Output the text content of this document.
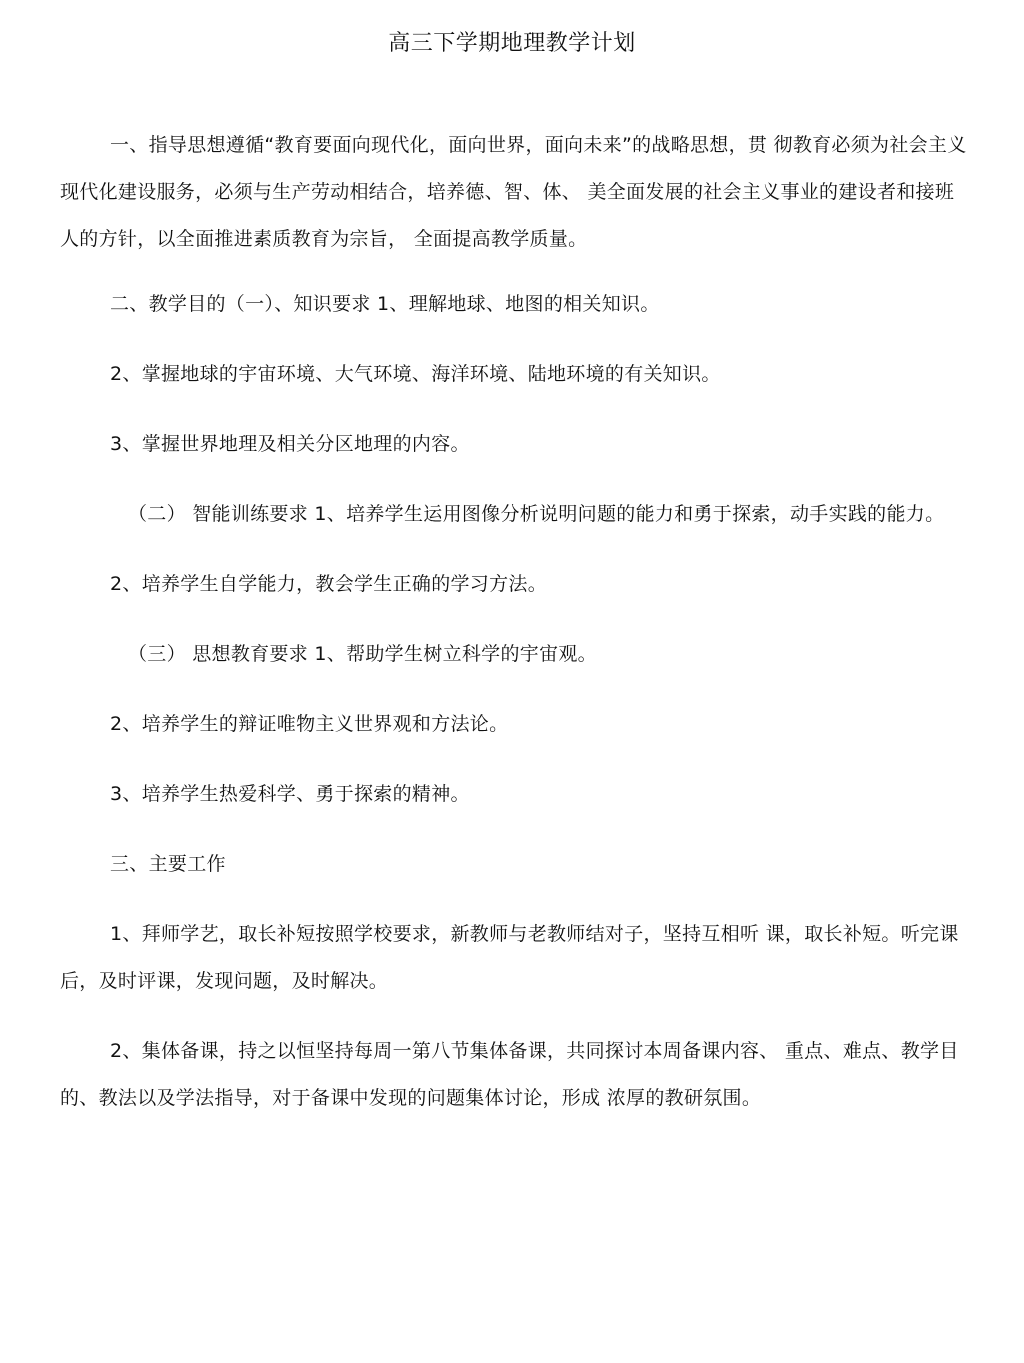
高三下学期地理教学计划

一、指导思想遵循“教育要面向现代化，面向世界，面向未来”的战略思想，贯 彻教育必须为社会主义现代化建设服务，必须与生产劳动相结合，培养德、智、体、 美全面发展的社会主义事业的建设者和接班人的方针，以全面推进素质教育为宗旨， 全面提高教学质量。

二、教学目的（一）、知识要求 1、理解地球、地图的相关知识。

2、掌握地球的宇宙环境、大气环境、海洋环境、陆地环境的有关知识。

3、掌握世界地理及相关分区地理的内容。

（二） 智能训练要求 1、培养学生运用图像分析说明问题的能力和勇于探索，动手实践的能力。

2、培养学生自学能力，教会学生正确的学习方法。

（三） 思想教育要求 1、帮助学生树立科学的宇宙观。

2、培养学生的辩证唯物主义世界观和方法论。

3、培养学生热爱科学、勇于探索的精神。

三、主要工作

1、拜师学艺，取长补短按照学校要求，新教师与老教师结对子，坚持互相听 课，取长补短。听完课后，及时评课，发现问题，及时解决。

2、集体备课，持之以恒坚持每周一第八节集体备课，共同探讨本周备课内容、 重点、难点、教学目的、教法以及学法指导，对于备课中发现的问题集体讨论，形成 浓厚的教研氛围。
